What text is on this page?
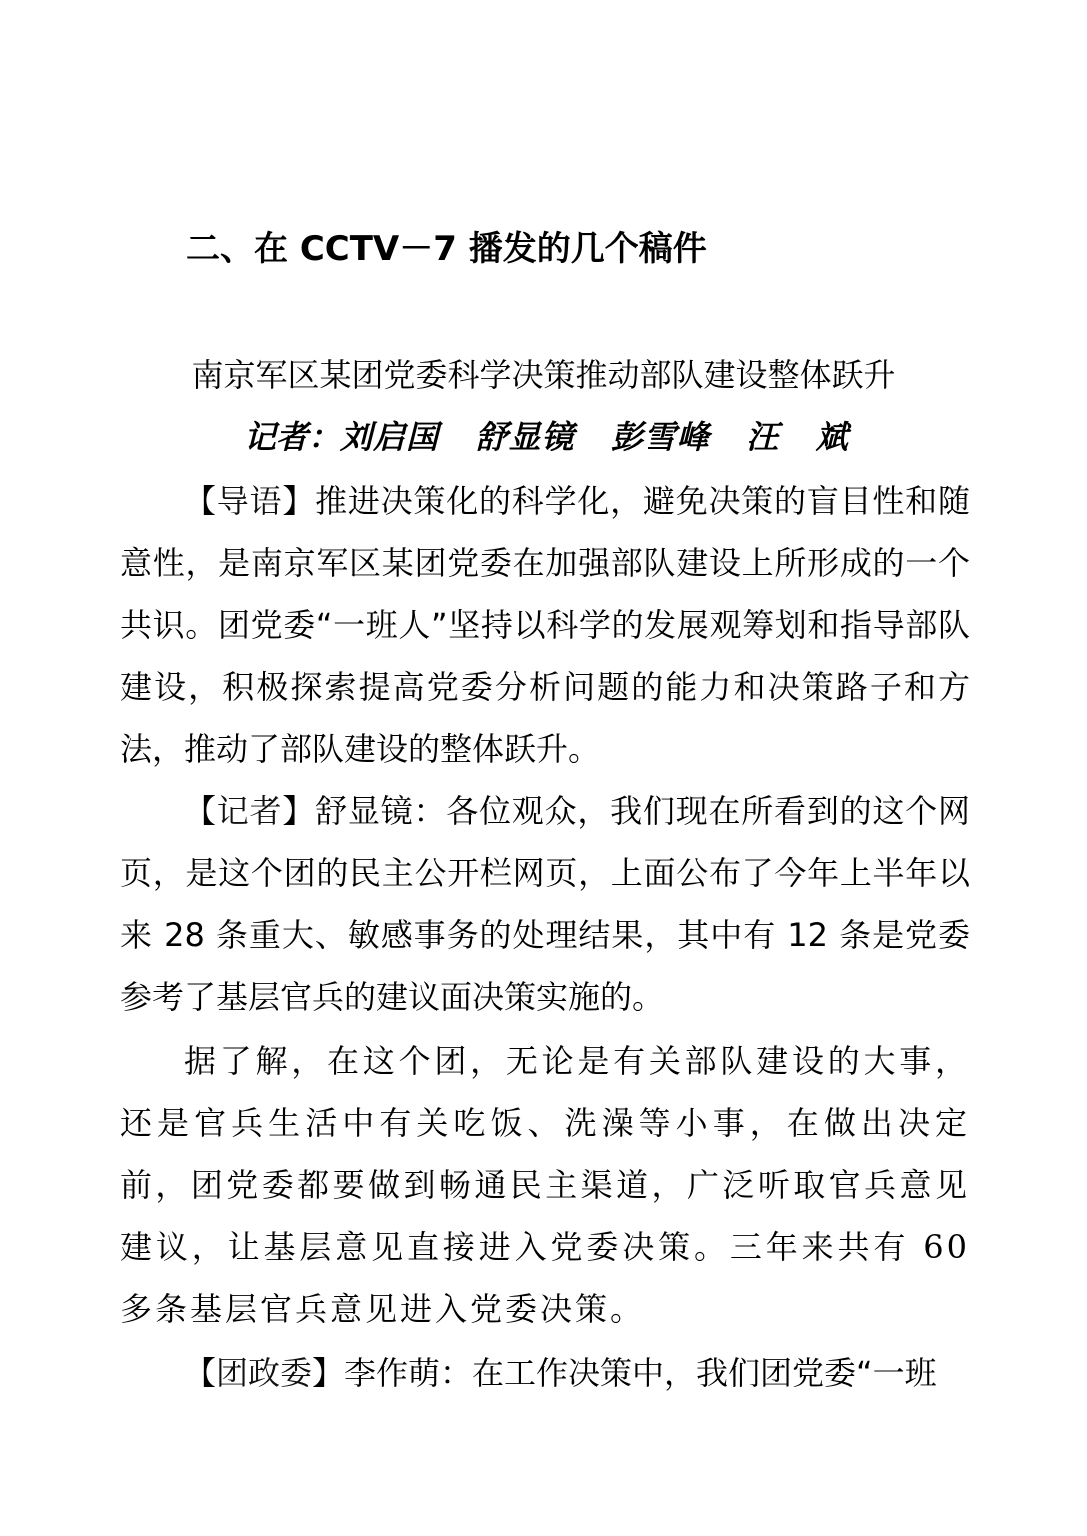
二、在 CCTV－7 播发的几个稿件
南京军区某团党委科学决策推动部队建设整体跃升
记者：刘启国   舒显镜   彭雪峰   汪   斌

【导语】推进决策化的科学化，避免决策的盲目性和随意性，是南京军区某团党委在加强部队建设上所形成的一个共识。团党委“一班人”坚持以科学的发展观筹划和指导部队建设，积极探索提高党委分析问题的能力和决策路子和方法，推动了部队建设的整体跃升。

【记者】舒显镜：各位观众，我们现在所看到的这个网页，是这个团的民主公开栏网页，上面公布了今年上半年以来 28 条重大、敏感事务的处理结果，其中有 12 条是党委参考了基层官兵的建议面决策实施的。

据了解，在这个团，无论是有关部队建设的大事，还是官兵生活中有关吃饭、洗澡等小事，在做出决定前，团党委都要做到畅通民主渠道，广泛听取官兵意见建议，让基层意见直接进入党委决策。三年来共有 60 多条基层官兵意见进入党委决策。

【团政委】李作萌：在工作决策中，我们团党委“一班
